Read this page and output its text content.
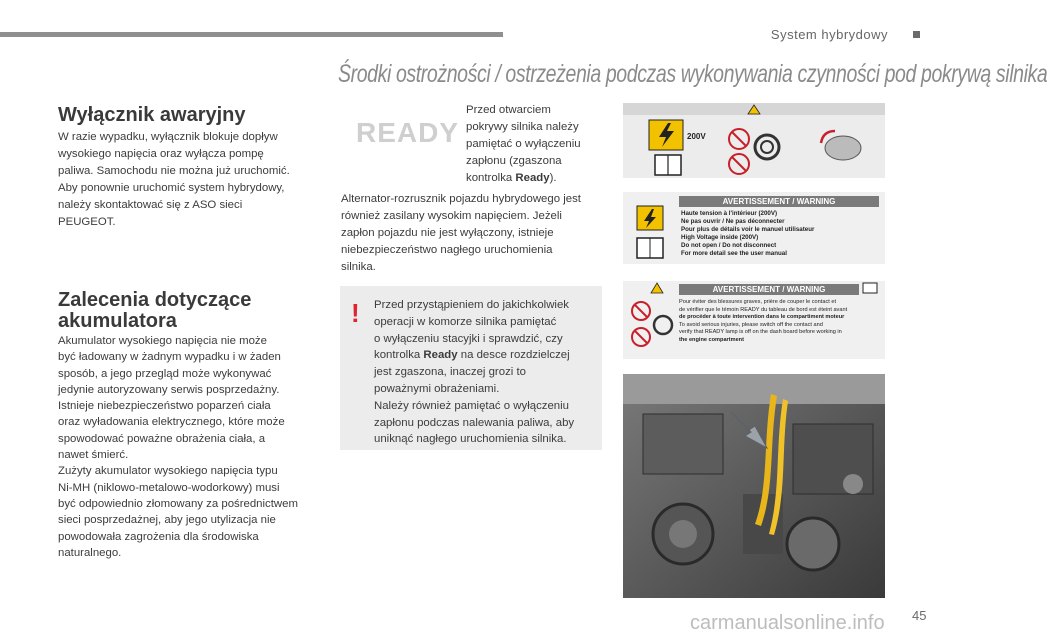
System hybrydowy
Środki ostrożności / ostrzeżenia podczas wykonywania czynności pod pokrywą silnika
Wyłącznik awaryjny
W razie wypadku, wyłącznik blokuje dopływ
wysokiego napięcia oraz wyłącza pompę
paliwa. Samochodu nie można już uruchomić.
Aby ponownie uruchomić system hybrydowy,
należy skontaktować się z ASO sieci
PEUGEOT.
Zalecenia dotyczące
akumulatora
Akumulator wysokiego napięcia nie może
być ładowany w żadnym wypadku i w żaden
sposób, a jego przegląd może wykonywać
jedynie autoryzowany serwis posprzedażny.
Istnieje niebezpieczeństwo poparzeń ciała
oraz wyładowania elektrycznego, które może
spowodować poważne obrażenia ciała, a
nawet śmierć.
Zużyty akumulator wysokiego napięcia typu
Ni-MH (niklowo-metalowo-wodorkowy) musi
być odpowiednio złomowany za pośrednictwem
sieci posprzedażnej, aby jego utylizacja nie
powodowała zagrożenia dla środowiska
naturalnego.
READY
Przed otwarciem
pokrywy silnika należy
pamiętać o wyłączeniu
zapłonu (zgaszona
kontrolka Ready).
Alternator-rozrusznik pojazdu hybrydowego jest
również zasilany wysokim napięciem. Jeżeli
zapłon pojazdu nie jest wyłączony, istnieje
niebezpieczeństwo nagłego uruchomienia
silnika.
! Przed przystąpieniem do jakichkolwiek
operacji w komorze silnika pamiętać
o wyłączeniu stacyjki i sprawdzić, czy
kontrolka Ready na desce rozdzielczej
jest zgaszona, inaczej grozi to
poważnymi obrażeniami.
Należy również pamiętać o wyłączeniu
zapłonu podczas nalewania paliwa, aby
uniknąć nagłego uruchomienia silnika.
200V
AVERTISSEMENT / WARNING
Haute tension à l'intérieur (200V)
Ne pas ouvrir / Ne pas déconnecter
Pour plus de détails voir le manuel utilisateur
High Voltage inside (200V)
Do not open / Do not disconnect
For more detail see the user manual
AVERTISSEMENT / WARNING
Pour éviter des blessures graves, prière de couper le contact et
de vérifier que le témoin READY du tableau de bord est éteint avant
de procéder à toute intervention dans le compartiment moteur
To avoid serious injuries, please switch off the contact and
verify that READY lamp is off on the dash board before working in
the engine compartment
45
carmanualsonline.info
